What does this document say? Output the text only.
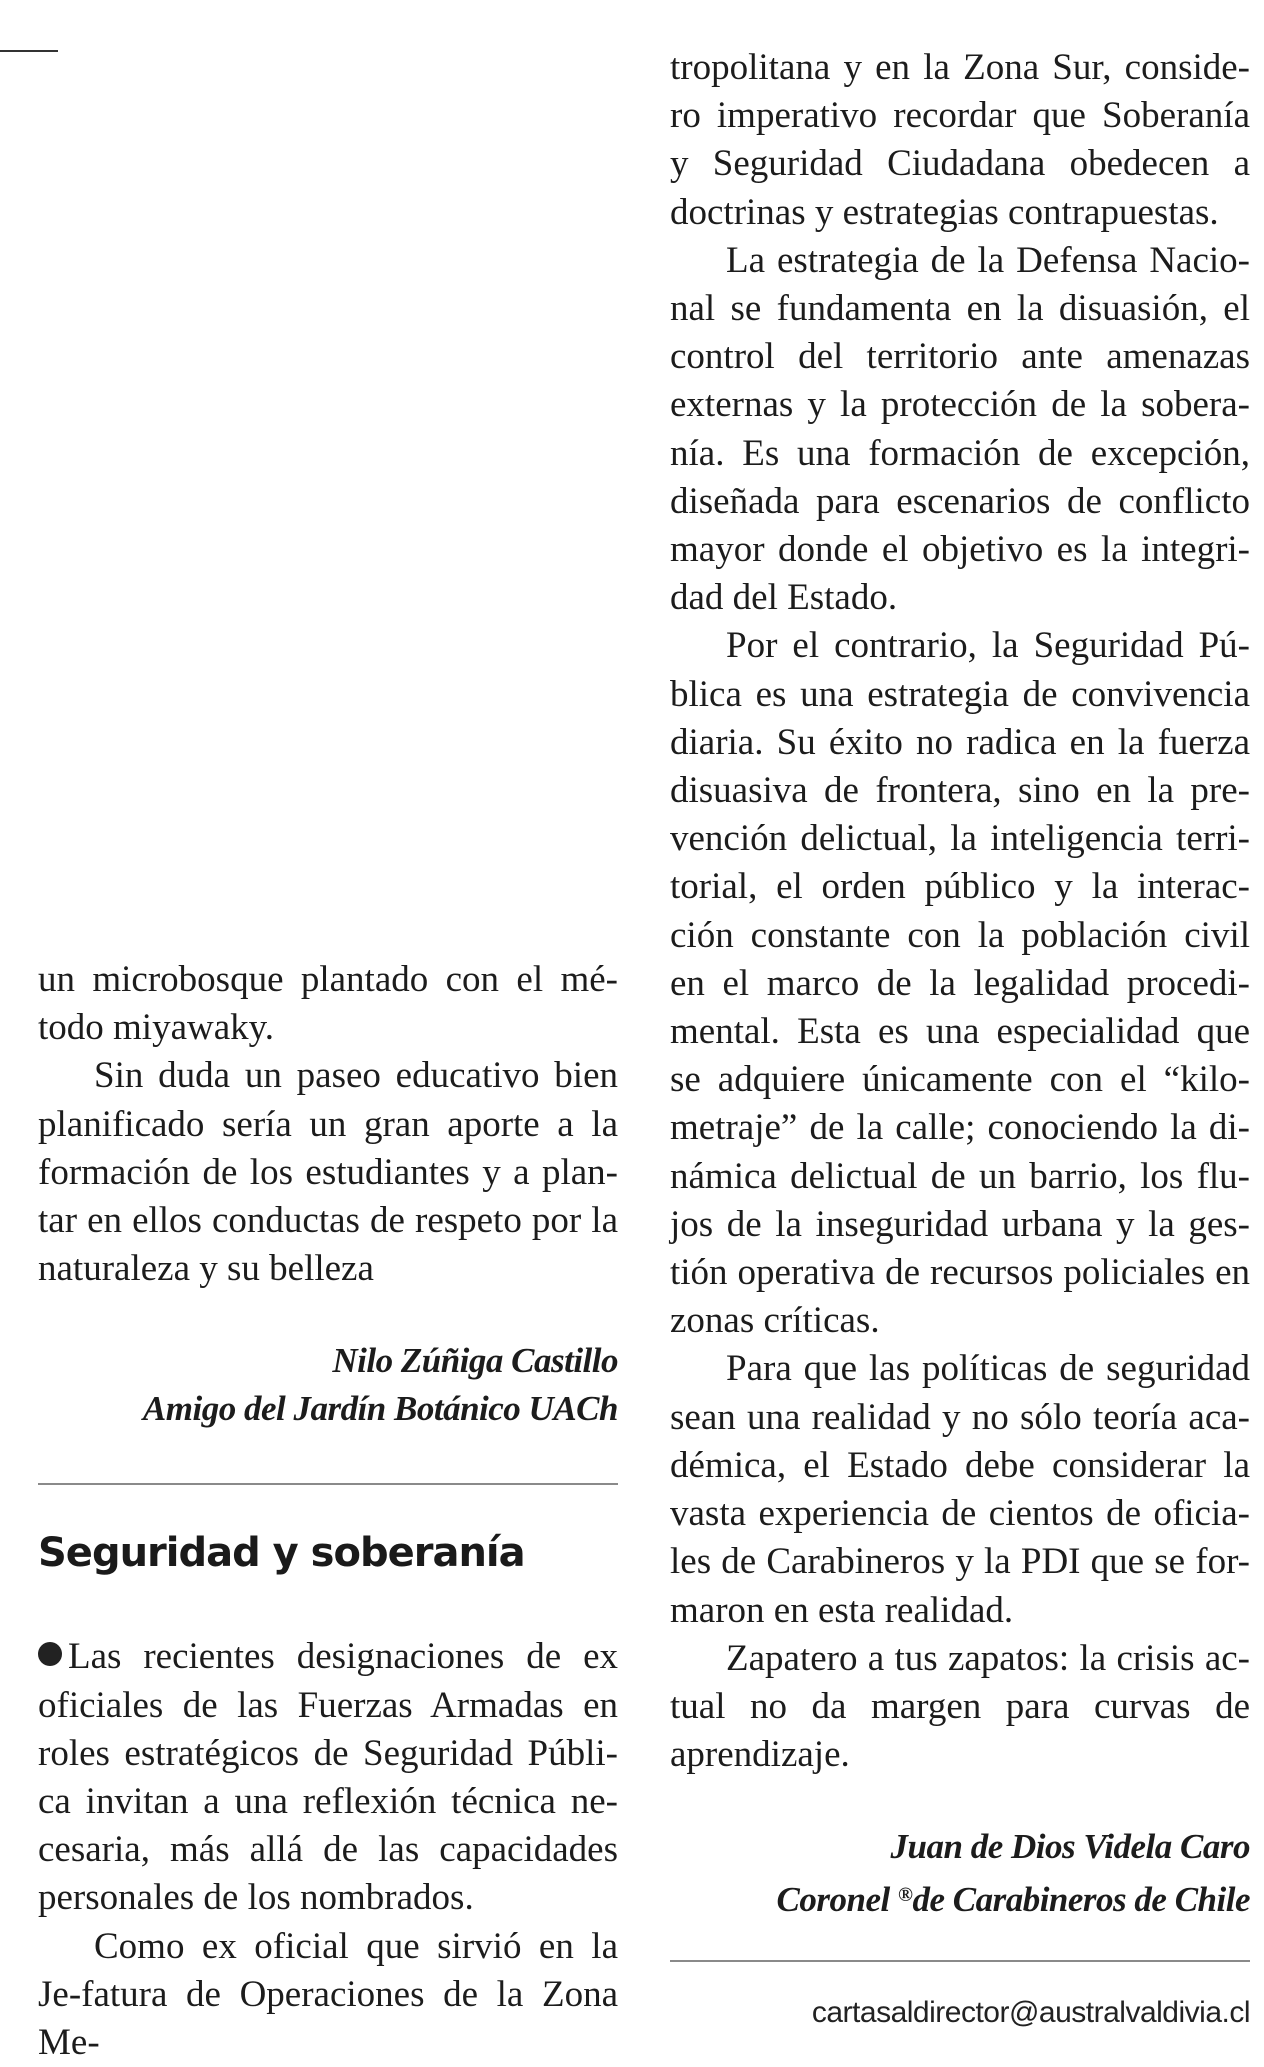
un microbosque plantado con el mé-todo miyawaky.

Sin duda un paseo educativo bien planificado sería un gran aporte a la formación de los estudiantes y a plan-tar en ellos conductas de respeto por la naturaleza y su belleza

Nilo Zúñiga Castillo
Amigo del Jardín Botánico UACh
Seguridad y soberanía

Las recientes designaciones de ex oficiales de las Fuerzas Armadas en roles estratégicos de Seguridad Públi-ca invitan a una reflexión técnica ne-cesaria, más allá de las capacidades personales de los nombrados.

Como ex oficial que sirvió en la Je-fatura de Operaciones de la Zona Me-

tropolitana y en la Zona Sur, conside-ro imperativo recordar que Soberanía y Seguridad Ciudadana obedecen a doctrinas y estrategias contrapuestas.

La estrategia de la Defensa Nacio-nal se fundamenta en la disuasión, el control del territorio ante amenazas externas y la protección de la sobera-nía. Es una formación de excepción, diseñada para escenarios de conflicto mayor donde el objetivo es la integri-dad del Estado.

Por el contrario, la Seguridad Pú-blica es una estrategia de convivencia diaria. Su éxito no radica en la fuerza disuasiva de frontera, sino en la pre-vención delictual, la inteligencia terri-torial, el orden público y la interac-ción constante con la población civil en el marco de la legalidad procedi-mental. Esta es una especialidad que se adquiere únicamente con el “kilo-metraje” de la calle; conociendo la di-námica delictual de un barrio, los flu-jos de la inseguridad urbana y la ges-tión operativa de recursos policiales en zonas críticas.

Para que las políticas de seguridad sean una realidad y no sólo teoría aca-démica, el Estado debe considerar la vasta experiencia de cientos de oficia-les de Carabineros y la PDI que se for-maron en esta realidad.

Zapatero a tus zapatos: la crisis ac-tual no da margen para curvas de aprendizaje.

Juan de Dios Videla Caro
Coronel ®de Carabineros de Chile
cartasaldirector@australvaldivia.cl
